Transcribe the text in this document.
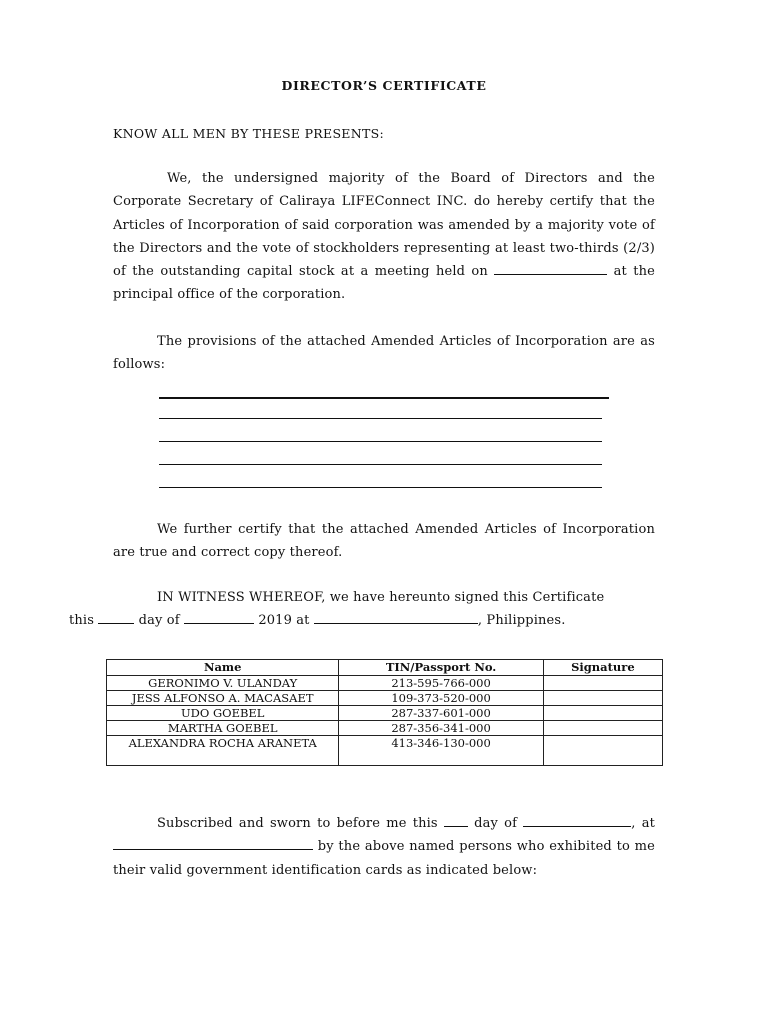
DIRECTOR’S CERTIFICATE
KNOW ALL MEN BY THESE PRESENTS:

We, the undersigned majority of the Board of Directors and the Corporate Secretary of Caliraya LIFEConnect INC. do hereby certify that the Articles of Incorporation of said corporation was amended by a majority vote of the Directors and the vote of stockholders representing at least two-thirds (2/3) of the outstanding capital stock at a meeting held on	at the principal office of the corporation.

The provisions of the attached Amended Articles of Incorporation are as follows:

We further certify that the attached Amended Articles of Incorporation are true and correct copy thereof.

IN WITNESS WHEREOF, we have hereunto signed this Certificate
this	day of	2019 at	, Philippines.

Name	TIN/Passport No.	Signature
GERONIMO V. ULANDAY	213-595-766-000	
JESS ALFONSO A. MACASAET	109-373-520-000	
UDO GOEBEL	287-337-601-000	
MARTHA GOEBEL	287-356-341-000	
ALEXANDRA ROCHA ARANETA	413-346-130-000	

Subscribed and sworn to before me this	day of	, at  by the above named persons who exhibited to me their valid government identification cards as indicated below:
